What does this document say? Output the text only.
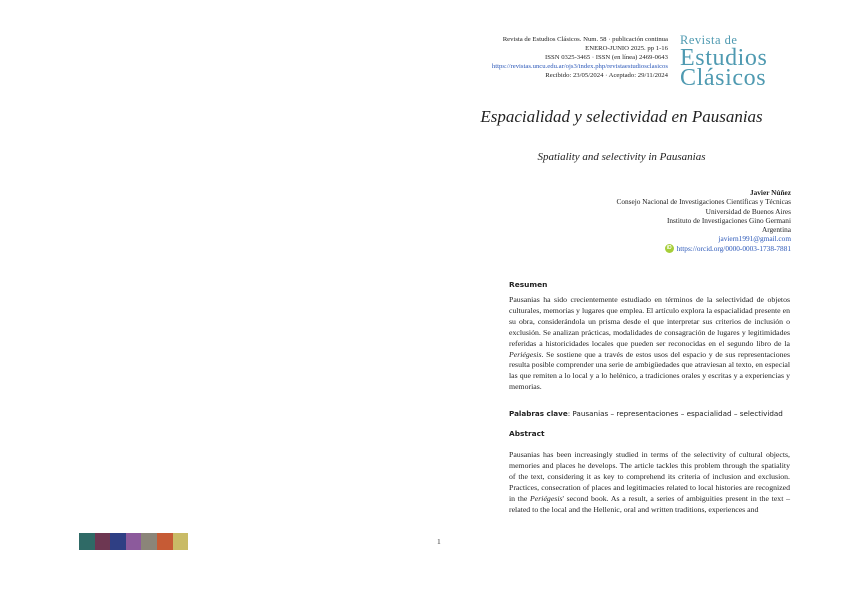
Revista de Estudios Clásicos. Num. 58 · publicación continua
ENERO-JUNIO 2025. pp 1-16
ISSN 0325-3465 · ISSN (en línea) 2469-0643
https://revistas.uncu.edu.ar/ojs3/index.php/revistaestudiosclasicos
Recibido: 23/05/2024 · Aceptado: 29/11/2024
Revista de
Estudios
Clásicos
Espacialidad y selectividad en Pausanias
Spatiality and selectivity in Pausanias
Javier Núñez
Consejo Nacional de Investigaciones Científicas y Técnicas
Universidad de Buenos Aires
Instituto de Investigaciones Gino Germani
Argentina
javiern1991@gmail.com
iD https://orcid.org/0000-0003-1738-7881
Resumen

Pausanias ha sido crecientemente estudiado en términos de la selectividad de objetos culturales, memorias y lugares que emplea. El artículo explora la espacialidad presente en su obra, considerándola un prisma desde el que interpretar sus criterios de inclusión o exclusión. Se analizan prácticas, modalidades de consagración de lugares y legitimidades referidas a historicidades locales que pueden ser reconocidas en el segundo libro de la Periégesis. Se sostiene que a través de estos usos del espacio y de sus representaciones resulta posible comprender una serie de ambigüedades que atraviesan al texto, en especial las que remiten a lo local y a lo helénico, a tradiciones orales y escritas y a experiencias y memorias.

Palabras clave: Pausanias – representaciones – espacialidad – selectividad
Abstract

Pausanias has been increasingly studied in terms of the selectivity of cultural objects, memories and places he develops. The article tackles this problem through the spatiality of the text, considering it as key to comprehend its criteria of inclusion and exclusion. Practices, consecration of places and legitimacies related to local histories are recognized in the Periégesis' second book. As a result, a series of ambiguities present in the text –related to the local and the Hellenic, oral and written traditions, experiences and

1
